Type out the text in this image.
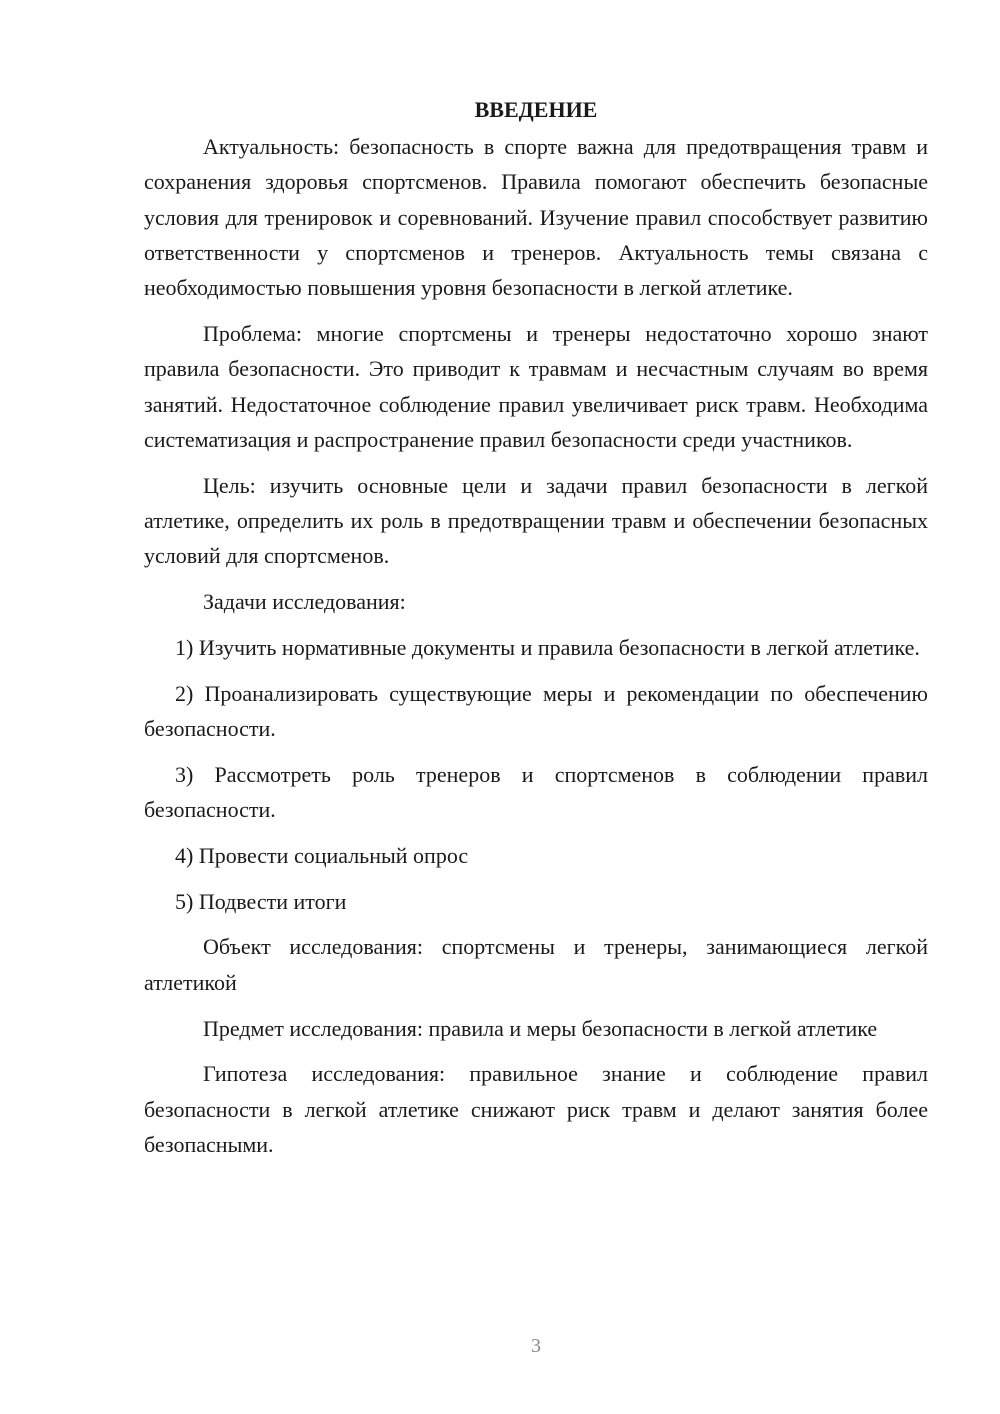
ВВЕДЕНИЕ

Актуальность: безопасность в спорте важна для предотвращения травм и сохранения здоровья спортсменов. Правила помогают обеспечить безопасные условия для тренировок и соревнований. Изучение правил способствует развитию ответственности у спортсменов и тренеров. Актуальность темы связана с необходимостью повышения уровня безопасности в легкой атлетике.

Проблема: многие спортсмены и тренеры недостаточно хорошо знают правила безопасности. Это приводит к травмам и несчастным случаям во время занятий. Недостаточное соблюдение правил увеличивает риск травм. Необходима систематизация и распространение правил безопасности среди участников.

Цель: изучить основные цели и задачи правил безопасности в легкой атлетике, определить их роль в предотвращении травм и обеспечении безопасных условий для спортсменов.

Задачи исследования:

1) Изучить нормативные документы и правила безопасности в легкой атлетике.

2) Проанализировать существующие меры и рекомендации по обеспечению безопасности.

3) Рассмотреть роль тренеров и спортсменов в соблюдении правил безопасности.

4) Провести социальный опрос

5) Подвести итоги

Объект исследования: спортсмены и тренеры, занимающиеся легкой атлетикой

Предмет исследования: правила и меры безопасности в легкой атлетике

Гипотеза исследования: правильное знание и соблюдение правил безопасности в легкой атлетике снижают риск травм и делают занятия более безопасными.

3
